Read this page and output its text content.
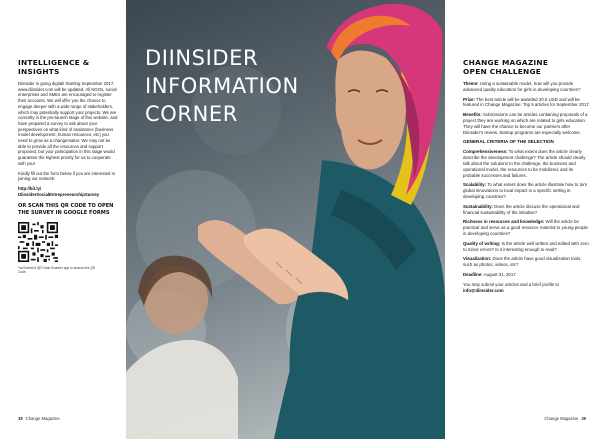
INTELLIGENCE &
INSIGHTS

Diinsider is going digital! Starting September 2017, www.diinsider.com will be updated. All NGOs, social enterprises and SMEs are encouraged to register their accounts. We will offer you the chance to engage deeper with a wide range of stakeholders, which may potentially support your projects. We are currently in the pre-launch stage of this website, and have prepared a survey to ask about your perspectives on what kind of assistance (business model development, human resources, etc) you need to grow as a changemaker. We may not be able to provide all the resources and support proposed, but your participation in this stage would guarantee the highest priority for us to cooperate with you!

Kindly fill out the form below if you are interested in joining our network:

http://bit.ly/
DiinsiderSocialEntrepreneurshipSurvey
OR SCAN THIS QR CODE TO OPEN THE SURVEY IN GOOGLE FORMS
You'll need a QR Code Scanner app to access this QR Code.
DIINSIDER
INFORMATION
CORNER
CHANGE MAGAZINE
OPEN CHALLENGE
Theme: Using a sustainable model, how will you provide advanced quality education for girls in developing countries?
Prize: The best article will be awarded 20.0 USD and will be featured in Change Magazine: Top 5 articles for September 2017.
Benefits: Submissions can be articles containing proposals of a project they are working on which are related to girls education. They will have the chance to become our partners after Diinsider's review. Startup programs are especially welcome.
GENERAL CRITERIA OF THE SELECTION
Comprehensiveness: To what extent does the article clearly describe the development challenge? The article should clearly talk about the solutions to the challenge, the business and operational model, the resources to be mobilized, and its probable successes and failures.
Scalability: To what extent does the article illustrate how to turn global innovations to local impact in a specific setting in developing countries?
Sustainability: Does the article discuss the operational and financial sustainability of the initiative?
Richness in resources and knowledge: Will the article be practical and serve as a good resource material to young people in developing countries?
Quality of writing: Is the article well written and edited with zero to minor errors? Is it interesting enough to read?
Visualization: Does the article have good visualization tools, such as photos, videos, etc?
Deadline: August 31, 2017
You may submit your articles and a brief profile to info@diinsider.com
38 Change Magazine	Change Magazine 39
